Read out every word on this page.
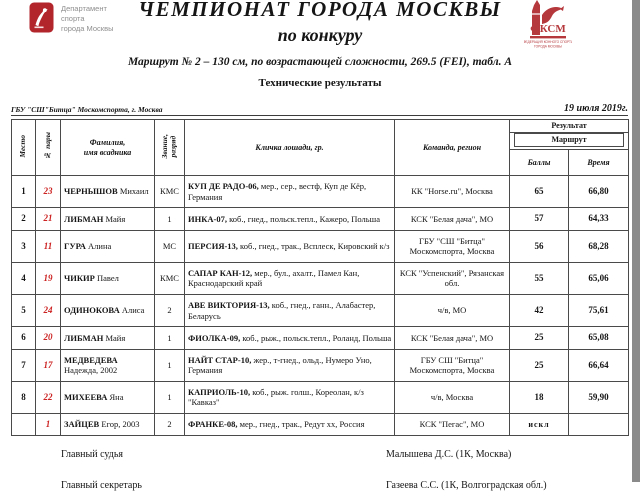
Департамент
спорта
города Москвы	ФКСМ
ФЕДЕРАЦИЯ КОННОГО СПОРТА
ГОРОДА МОСКВЫ
ЧЕМПИОНАТ ГОРОДА МОСКВЫ
по конкуру
Маршрут № 2 – 130 см, по возрастающей сложности, 269.5 (FEI), табл. А
Технические результаты
ГБУ "СШ"Битца" Москомспорта, г. Москва	19 июля 2019г.
Место	№ пары	Фамилия,
имя всадника	Звание, разряд	Кличка лошади, гр.	Команда, регион	Результат	

						Маршрут	

						Баллы	Время
1	23	ЧЕРНЫШОВ Михаил	КМС	КУП ДЕ РАДО-06, мер., сер., вестф, Куп де Кёр, Германия	КК "Horse.ru", Москва	65	66,80
2	21	ЛИБМАН Майя	1	ИНКА-07, коб., гнед., польск.тепл., Кажеро, Польша	КСК "Белая дача", МО	57	64,33
3	11	ГУРА Алина	МС	ПЕРСИЯ-13, коб., гнед., трак., Всплеск, Кировский к/з	ГБУ "СШ "Битца" Москомспорта, Москва	56	68,28
4	19	ЧИКИР Павел	КМС	САПАР КАН-12, мер., бул., ахалт., Памел Кан, Краснодарский край	КСК "Успенский", Рязанская обл.	55	65,06
5	24	ОДИНОКОВА Алиса	2	АВЕ ВИКТОРИЯ-13, коб., гнед., ганн., Алабастер, Беларусь	ч/в, МО	42	75,61
6	20	ЛИБМАН Майя	1	ФИОЛКА-09, коб., рыж., польск.тепл., Роланд, Польша	КСК "Белая дача", МО	25	65,08
7	17	МЕДВЕДЕВА Надежда, 2002	1	НАЙТ СТАР-10, жер., т-гнед., ольд., Нумеро Уно, Германия	ГБУ СШ "Битца" Москомспорта, Москва	25	66,64
8	22	МИХЕЕВА Яна	1	КАПРИОЛЬ-10, коб., рыж. голш., Кореолан, к/з "Кавказ"	ч/в, Москва	18	59,90
	1	ЗАЙЦЕВ Егор, 2003	2	ФРАНКЕ-08, мер., гнед., трак., Редут хх, Россия	КСК "Пегас", МО	искл	
Главный судья	Малышева Д.С. (1К, Москва)
Главный секретарь	Газеева С.С. (1К, Волгоградская обл.)
